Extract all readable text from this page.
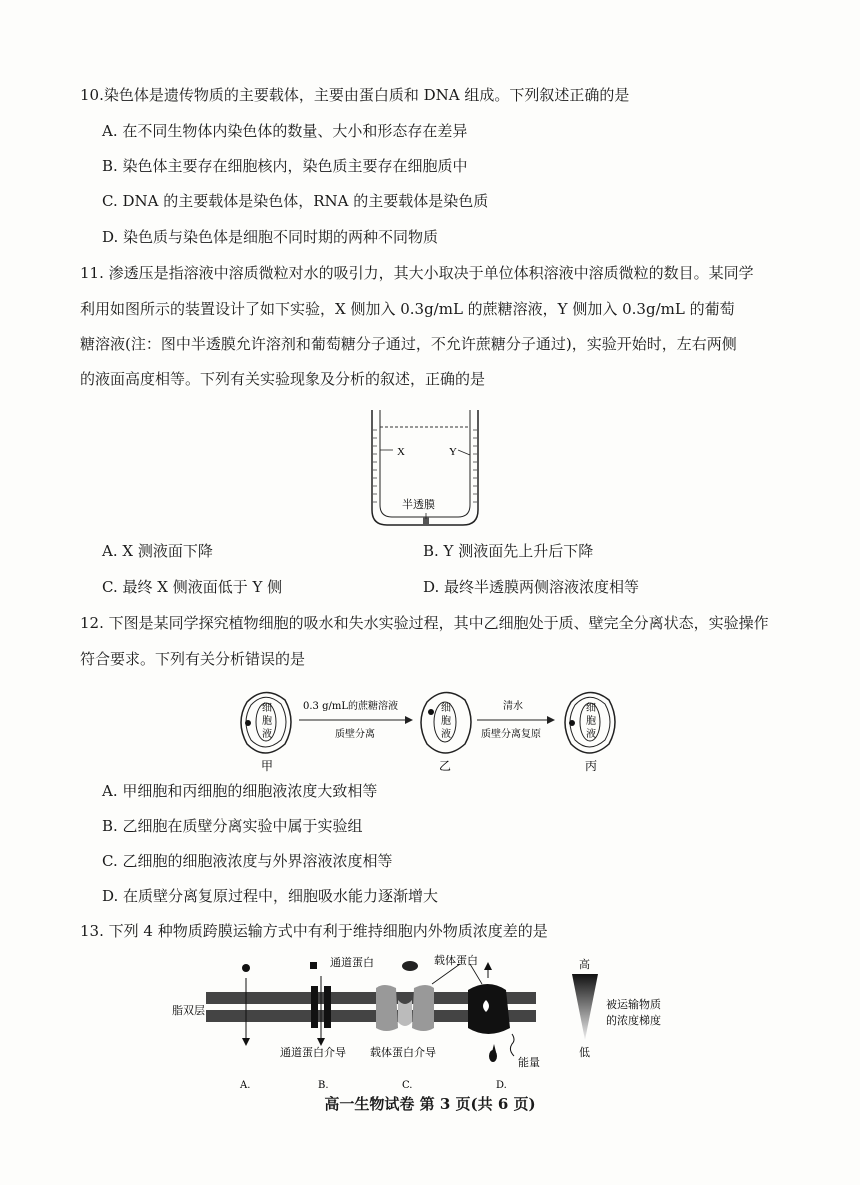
10.染色体是遗传物质的主要载体，主要由蛋白质和 DNA 组成。下列叙述正确的是
A. 在不同生物体内染色体的数量、大小和形态存在差异
B. 染色体主要存在细胞核内，染色质主要存在细胞质中
C. DNA 的主要载体是染色体，RNA 的主要载体是染色质
D. 染色质与染色体是细胞不同时期的两种不同物质
11. 渗透压是指溶液中溶质微粒对水的吸引力，其大小取决于单位体积溶液中溶质微粒的数目。某同学
利用如图所示的装置设计了如下实验，X 侧加入 0.3g/mL 的蔗糖溶液，Y 侧加入 0.3g/mL 的葡萄
糖溶液(注：图中半透膜允许溶剂和葡萄糖分子通过，不允许蔗糖分子通过)，实验开始时，左右两侧
的液面高度相等。下列有关实验现象及分析的叙述，正确的是
X	Y
半透膜
A. X 测液面下降	B. Y 测液面先上升后下降
C. 最终 X 侧液面低于 Y 侧	D. 最终半透膜两侧溶液浓度相等
12. 下图是某同学探究植物细胞的吸水和失水实验过程，其中乙细胞处于质、壁完全分离状态，实验操作
符合要求。下列有关分析错误的是
细
胞
液
0.3 g/mL的蔗糖溶液
质壁分离
细
胞
液
清水
质壁分离复原
细
胞
液
甲	乙	丙
A. 甲细胞和丙细胞的细胞液浓度大致相等
B. 乙细胞在质壁分离实验中属于实验组
C. 乙细胞的细胞液浓度与外界溶液浓度相等
D. 在质壁分离复原过程中，细胞吸水能力逐渐增大
13. 下列 4 种物质跨膜运输方式中有利于维持细胞内外物质浓度差的是
脂双层
通道蛋白
能量
载体蛋白
通道蛋白介导 载体蛋白介导
高
低
被运输物质
的浓度梯度
A.	B.	C.	D.
高一生物试卷 第 3 页(共 6 页)
